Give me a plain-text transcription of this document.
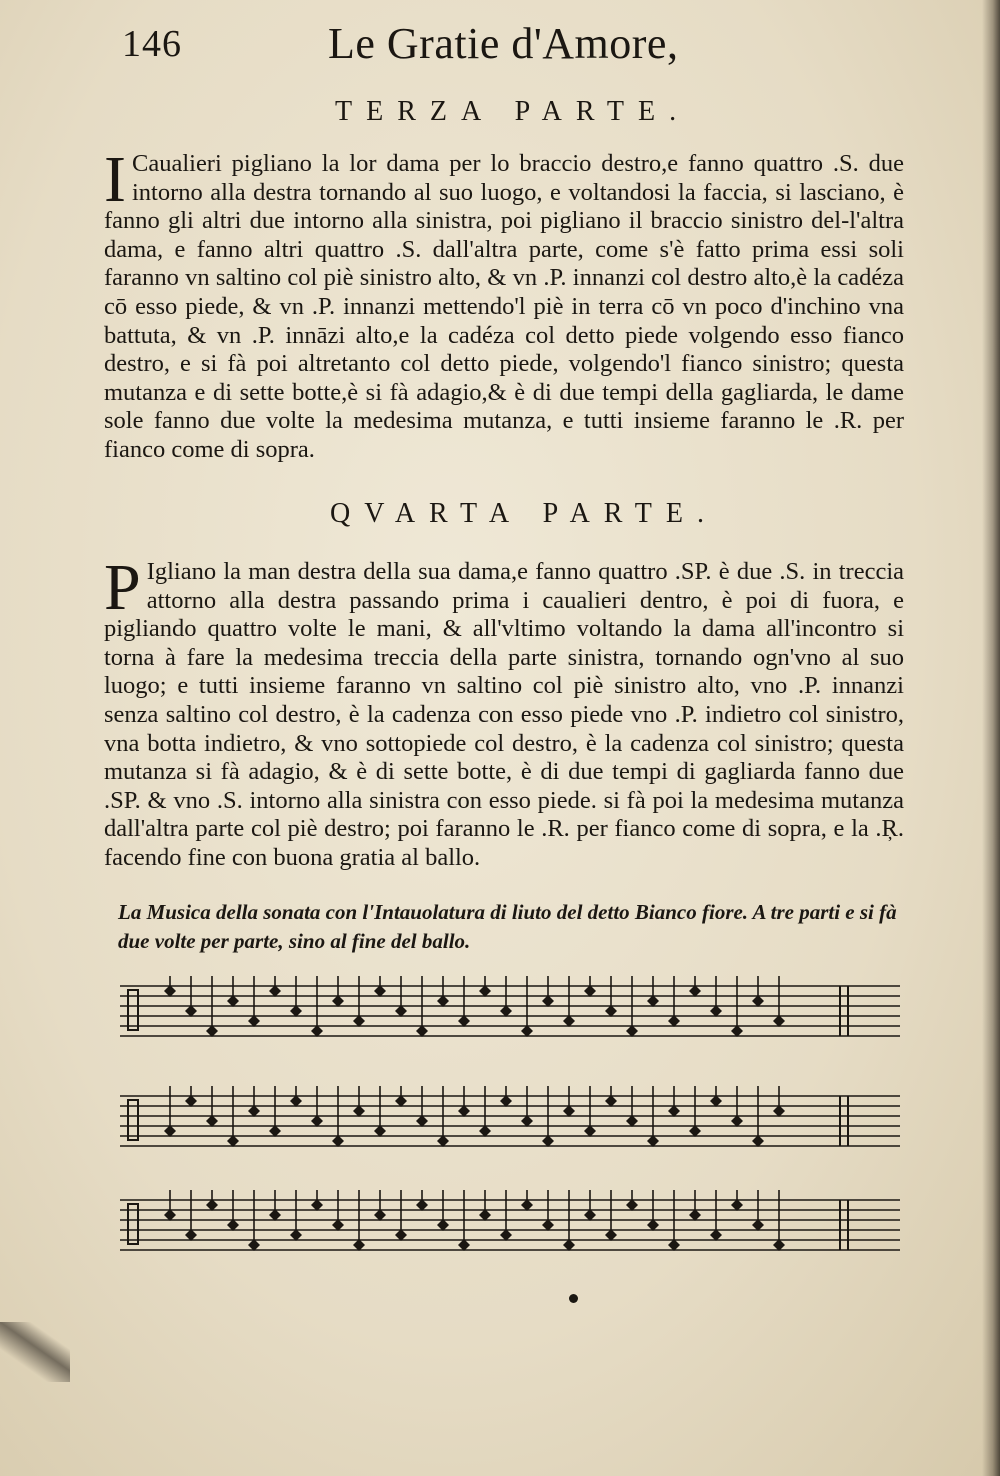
146	Le Gratie d'Amore,
TERZA PARTE.
I Caualieri pigliano la lor dama per lo braccio destro,e fanno quattro .S. due intorno alla destra tornando al suo luogo, e voltandosi la faccia, si lasciano, è fanno gli altri due intorno alla sinistra, poi pigliano il braccio sinistro del-l'altra dama, e fanno altri quattro .S. dall'altra parte, come s'è fatto prima essi soli faranno vn saltino col piè sinistro alto, & vn .P. innanzi col destro alto,è la cadéza cō esso piede, & vn .P. innanzi mettendo'l piè in terra cō vn poco d'inchino vna battuta, & vn .P. innāzi alto,e la cadéza col detto piede volgendo esso fianco destro, e si fà poi altretanto col detto piede, volgendo'l fianco sinistro; questa mutanza e di sette botte,è si fà adagio,& è di due tempi della gagliarda, le dame sole fanno due volte la medesima mutanza, e tutti insieme faranno le .R. per fianco come di sopra.
QVARTA PARTE.
P Igliano la man destra della sua dama,e fanno quattro .SP. è due .S. in treccia attorno alla destra passando prima i caualieri dentro, è poi di fuora, e pigliando quattro volte le mani, & all'vltimo voltando la dama all'incontro si torna à fare la medesima treccia della parte sinistra, tornando ogn'vno al suo luogo; e tutti insieme faranno vn saltino col piè sinistro alto, vno .P. innanzi senza saltino col destro, è la cadenza con esso piede vno .P. indietro col sinistro, vna botta indietro, & vno sottopiede col destro, è la cadenza col sinistro; questa mutanza si fà adagio, & è di sette botte, è di due tempi di gagliarda fanno due .SP. & vno .S. intorno alla sinistra con esso piede. si fà poi la medesima mutanza dall'altra parte col piè destro; poi faranno le .R. per fianco come di sopra, e la .Ŗ. facendo fine con buona gratia al ballo.
La Musica della sonata con l'Intauolatura di liuto del detto Bianco fiore. A tre parti e si fà due volte per parte, sino al fine del ballo.
